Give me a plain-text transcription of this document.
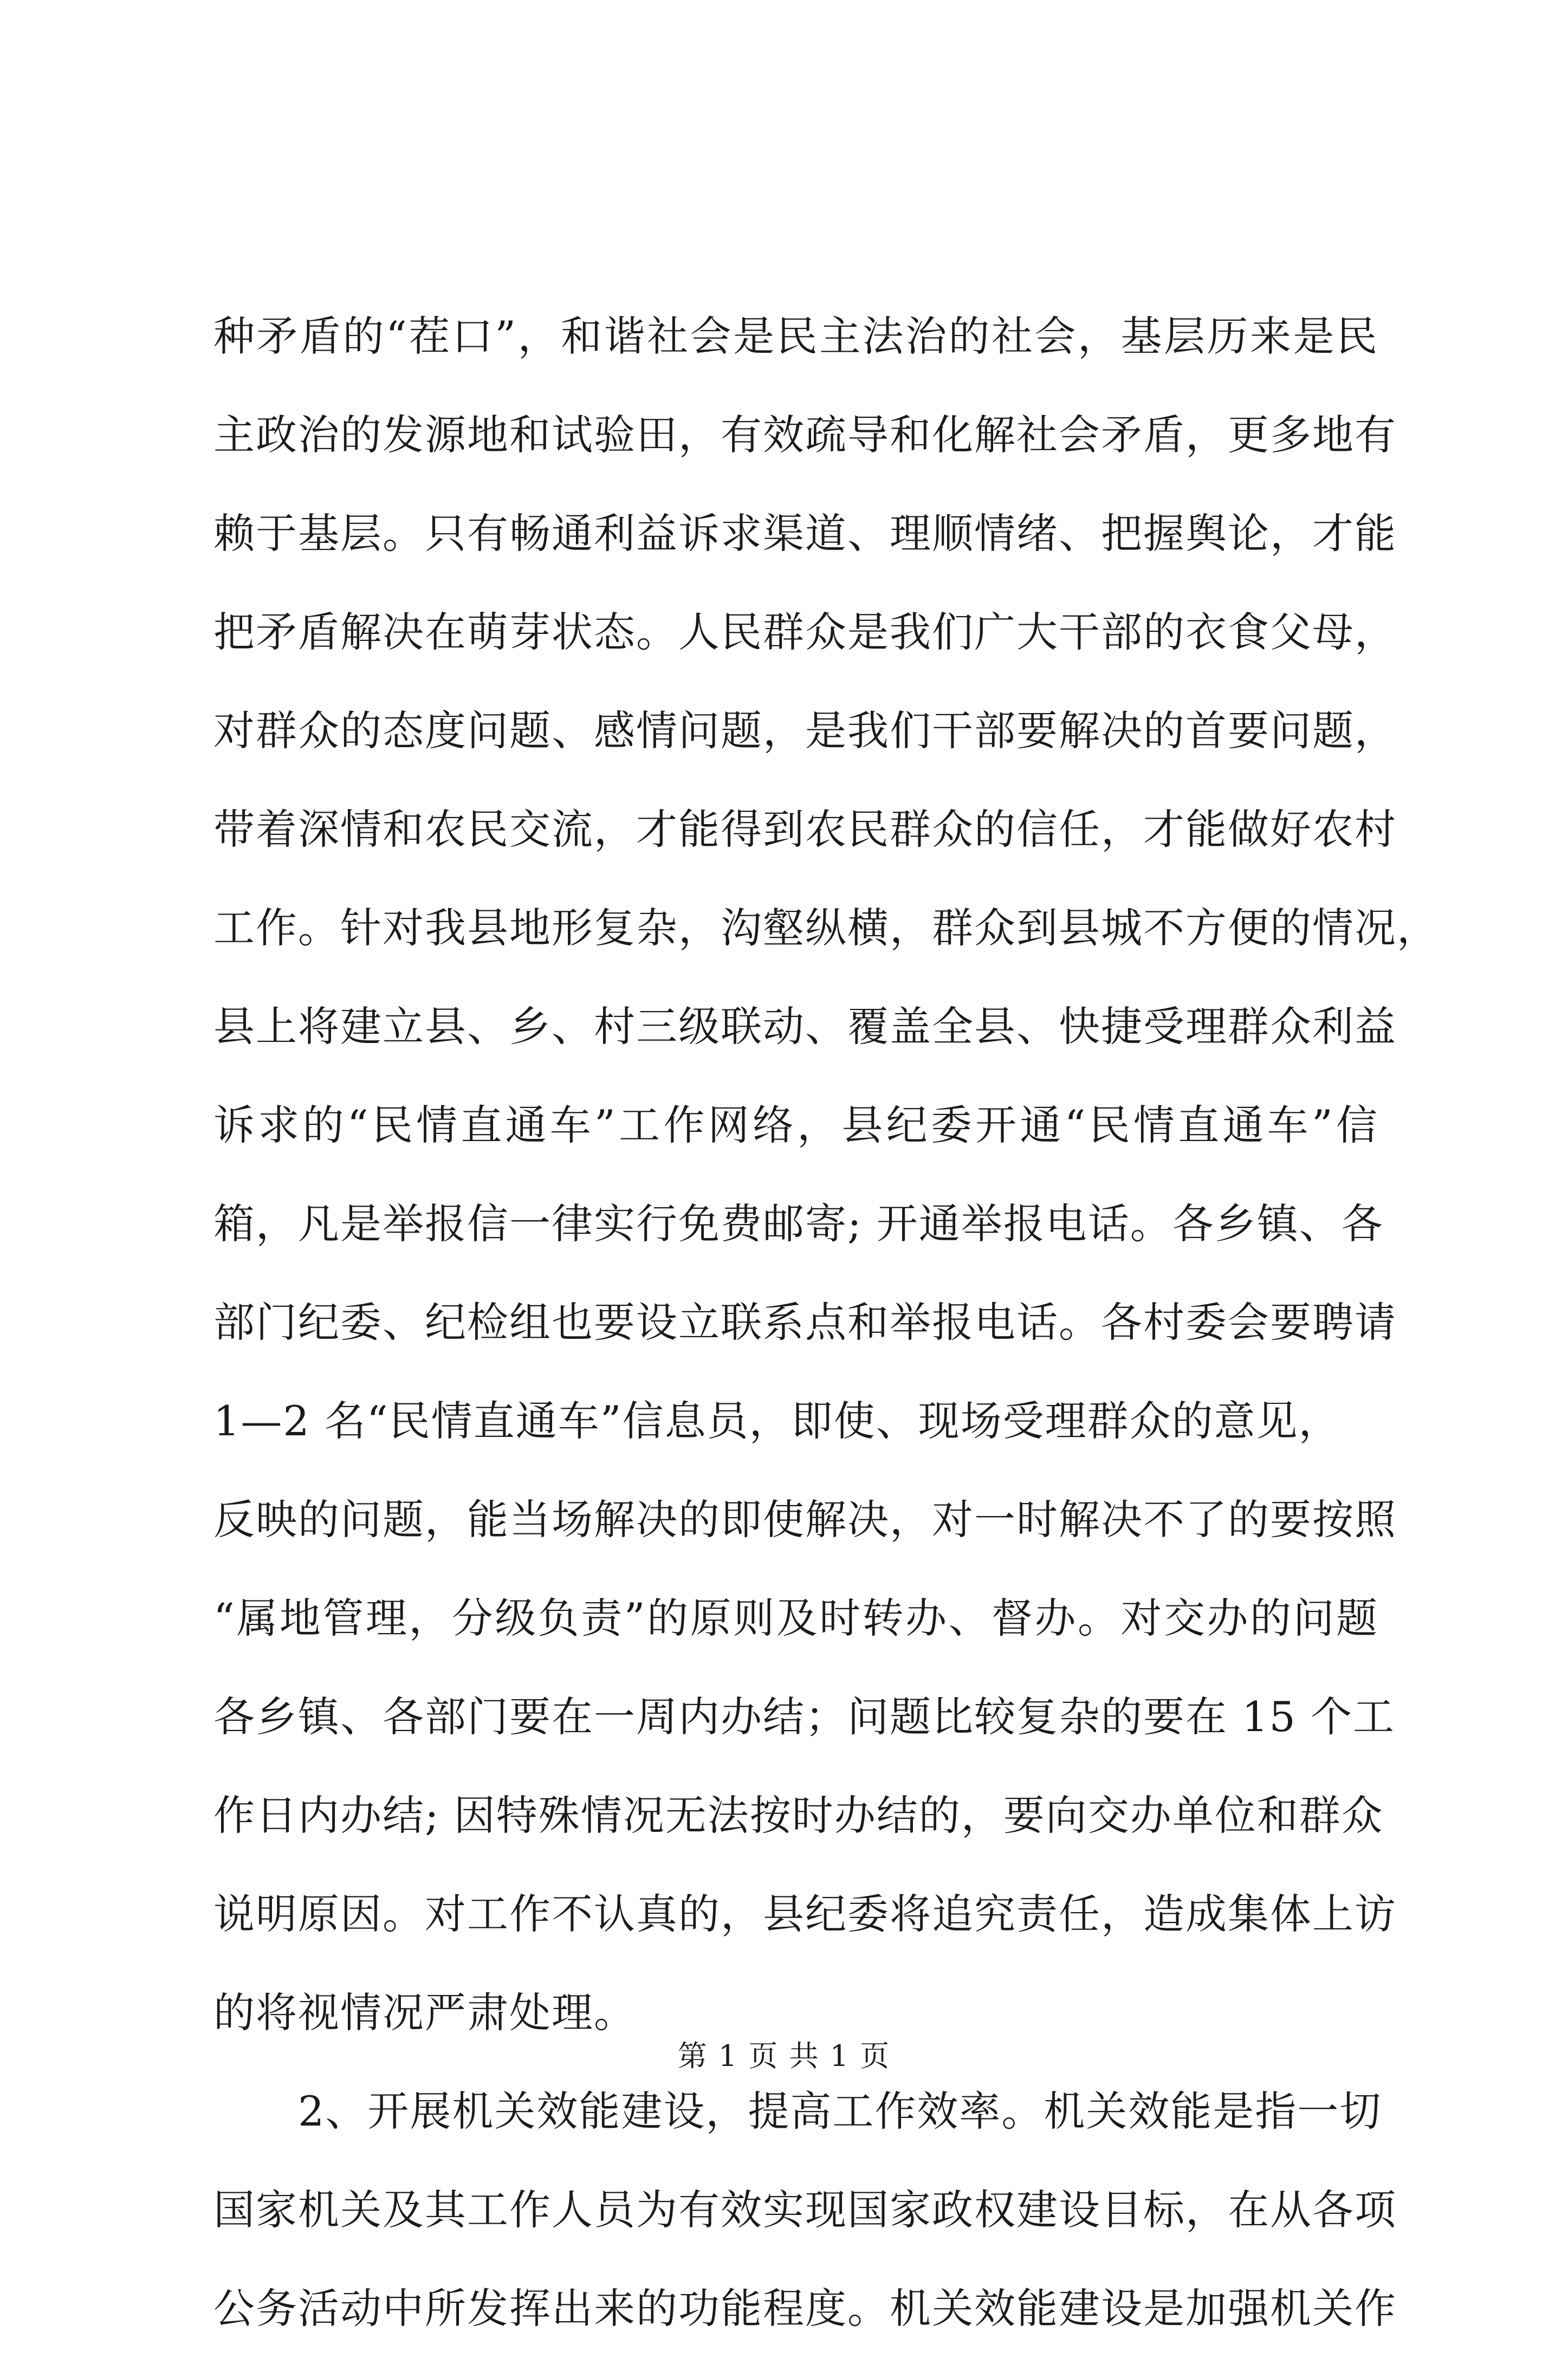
种矛盾的“茬口”，和谐社会是民主法治的社会，基层历来是民
主政治的发源地和试验田，有效疏导和化解社会矛盾，更多地有
赖于基层。只有畅通利益诉求渠道、理顺情绪、把握舆论，才能
把矛盾解决在萌芽状态。人民群众是我们广大干部的衣食父母，
对群众的态度问题、感情问题，是我们干部要解决的首要问题，
带着深情和农民交流，才能得到农民群众的信任，才能做好农村
工作。针对我县地形复杂，沟壑纵横，群众到县城不方便的情况，
县上将建立县、乡、村三级联动、覆盖全县、快捷受理群众利益
诉求的“民情直通车”工作网络，县纪委开通“民情直通车”信
箱，凡是举报信一律实行免费邮寄; 开通举报电话。各乡镇、各
部门纪委、纪检组也要设立联系点和举报电话。各村委会要聘请
1—2 名“民情直通车”信息员，即使、现场受理群众的意见，
反映的问题，能当场解决的即使解决，对一时解决不了的要按照
“属地管理，分级负责”的原则及时转办、督办。对交办的问题
各乡镇、各部门要在一周内办结；问题比较复杂的要在 15 个工
作日内办结; 因特殊情况无法按时办结的，要向交办单位和群众
说明原因。对工作不认真的，县纪委将追究责任，造成集体上访
的将视情况严肃处理。
　　2、开展机关效能建设，提高工作效率。机关效能是指一切
国家机关及其工作人员为有效实现国家政权建设目标，在从各项
公务活动中所发挥出来的功能程度。机关效能建设是加强机关作
第 1 页 共 1 页
